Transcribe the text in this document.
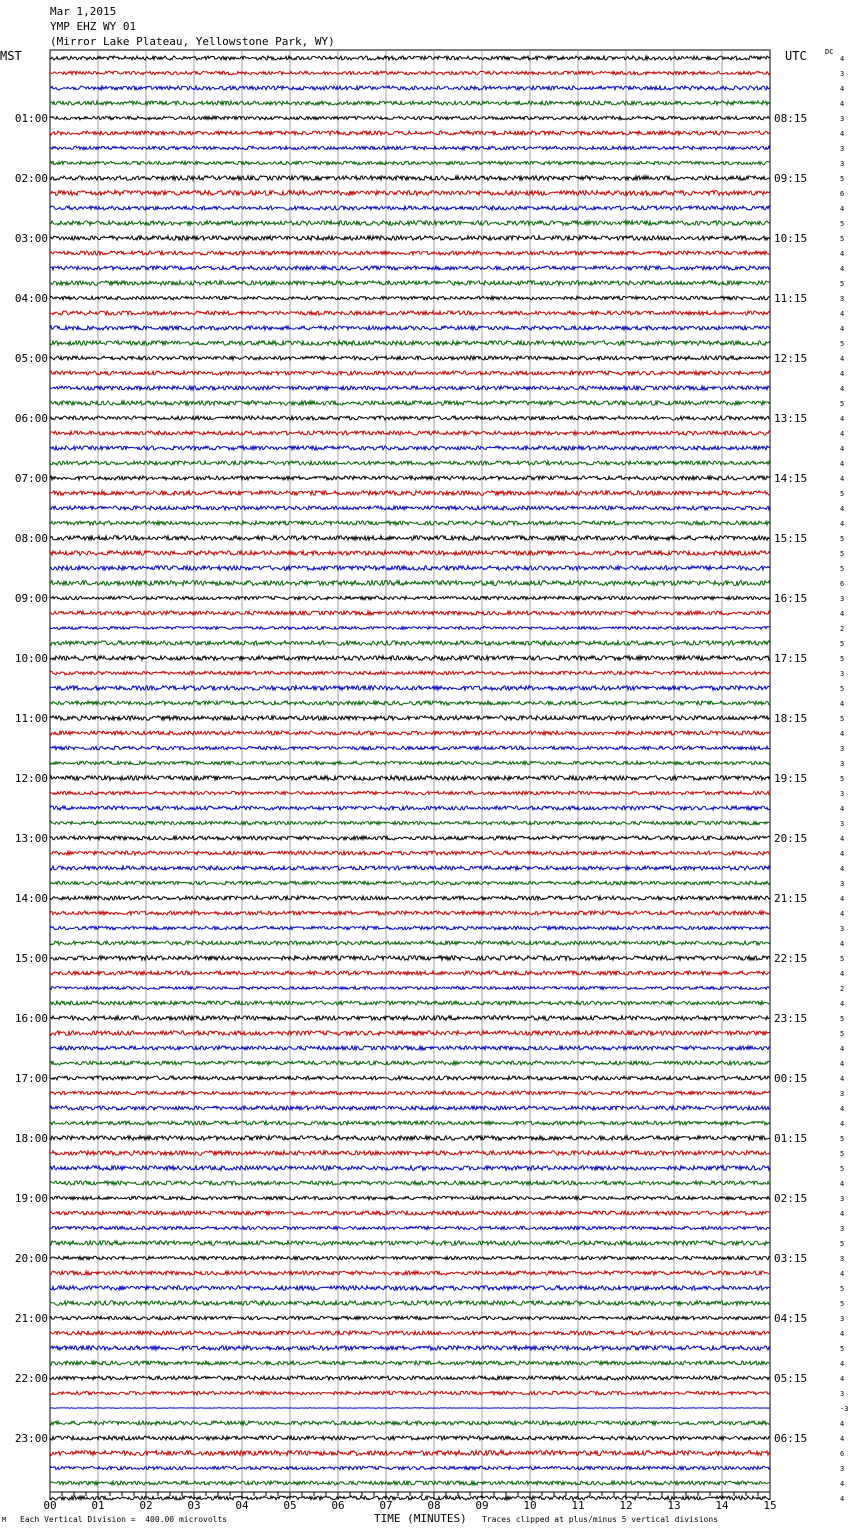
Mar 1,2015
YMP EHZ WY 01
(Mirror Lake Plateau, Yellowstone Park, WY)
MST	UTC	DC
4
3
4
4
3
4
3
3
5
6
4
5
5
4
4
5
3
4
4
5
4
4
4
5
4
4
4
4
4
5
4
4
5
5
5
6
3
4
2
5
5
3
5
4
5
4
3
3
5
3
4
3
4
4
4
3
4
4
3
4
5
4
2
4
5
5
4
4
4
3
4
4
5
5
5
4
3
4
3
5
3
4
5
5
3
4
5
4
4
3
-3
4
4
6
3
4
4
01:00	08:15
02:00	09:15
03:00	10:15
04:00	11:15
05:00	12:15
06:00	13:15
07:00	14:15
08:00	15:15
09:00	16:15
10:00	17:15
11:00	18:15
12:00	19:15
13:00	20:15
14:00	21:15
15:00	22:15
16:00	23:15
17:00	00:15
18:00	01:15
19:00	02:15
20:00	03:15
21:00	04:15
22:00	05:15
23:00	06:15
00	01	02	03	04	05	06	07	08	09	10	11	12	13	14	15
M Each Vertical Division =  400.00 microvolts	TIME (MINUTES) Traces clipped at plus/minus 5 vertical divisions
